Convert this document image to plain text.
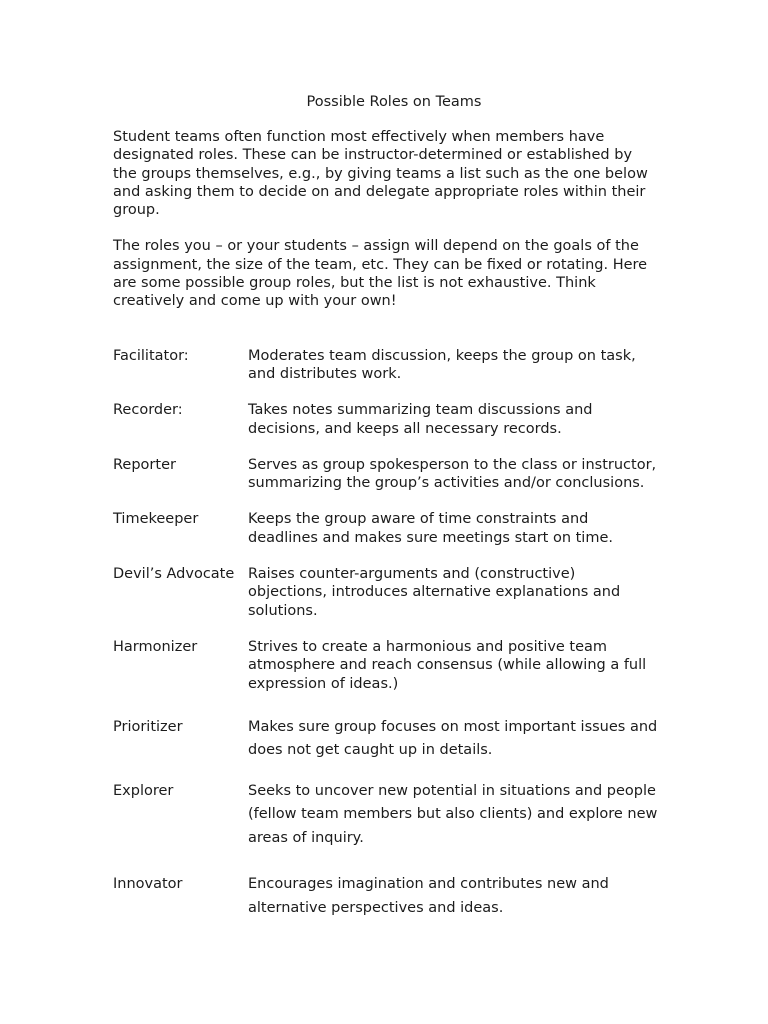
Possible Roles on Teams

Student teams often function most effectively when members have designated roles. These can be instructor-determined or established by the groups themselves, e.g., by giving teams a list such as the one below and asking them to decide on and delegate appropriate roles within their group.

The roles you – or your students – assign will depend on the goals of the assignment, the size of the team, etc. They can be fixed or rotating. Here are some possible group roles, but the list is not exhaustive. Think creatively and come up with your own!

Facilitator:	Moderates team discussion, keeps the group on task, and distributes work.
Recorder:	Takes notes summarizing team discussions and decisions, and keeps all necessary records.
Reporter	Serves as group spokesperson to the class or instructor, summarizing the group’s activities and/or conclusions.
Timekeeper	Keeps the group aware of time constraints and deadlines and makes sure meetings start on time.
Devil’s Advocate Raises counter-arguments and (constructive) objections, introduces alternative explanations and solutions.
Harmonizer	Strives to create a harmonious and positive team atmosphere and reach consensus (while allowing a full expression of ideas.)
Prioritizer	Makes sure group focuses on most important issues and does not get caught up in details.
Explorer	Seeks to uncover new potential in situations and people (fellow team members but also clients) and explore new areas of inquiry.
Innovator	Encourages imagination and contributes new and alternative perspectives and ideas.
